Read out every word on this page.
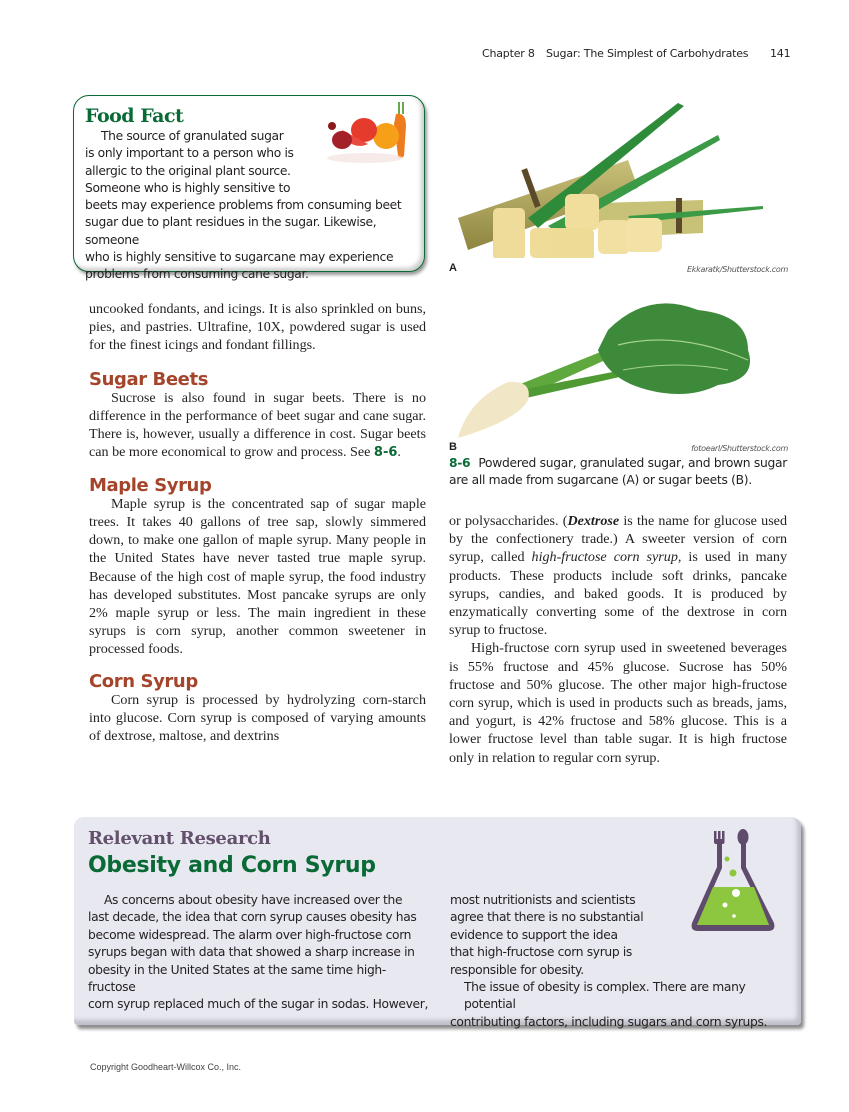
Chapter 8 Sugar: The Simplest of Carbohydrates 141
Food Fact
The source of granulated sugar
is only important to a person who is
allergic to the original plant source.
Someone who is highly sensitive to
beets may experience problems from consuming beet
sugar due to plant residues in the sugar. Likewise, someone
who is highly sensitive to sugarcane may experience
problems from consuming cane sugar.

uncooked fondants, and icings. It is also sprinkled on buns, pies, and pastries. Ultrafine, 10X, powdered sugar is used for the finest icings and fondant fillings.

Sugar Beets

Sucrose is also found in sugar beets. There is no difference in the performance of beet sugar and cane sugar. There is, however, usually a difference in cost. Sugar beets can be more economical to grow and process. See 8-6.

Maple Syrup

Maple syrup is the concentrated sap of sugar maple trees. It takes 40 gallons of tree sap, slowly simmered down, to make one gallon of maple syrup. Many people in the United States have never tasted true maple syrup. Because of the high cost of maple syrup, the food industry has developed substitutes. Most pancake syrups are only 2% maple syrup or less. The main ingredient in these syrups is corn syrup, another common sweetener in processed foods.

Corn Syrup

Corn syrup is processed by hydrolyzing corn-starch into glucose. Corn syrup is composed of varying amounts of dextrose, maltose, and dextrins

A	Ekkaratk/Shutterstock.com
B	fotoearl/Shutterstock.com
8-6 Powdered sugar, granulated sugar, and brown sugar are all made from sugarcane (A) or sugar beets (B).

or polysaccharides. (Dextrose is the name for glucose used by the confectionery trade.) A sweeter version of corn syrup, called high-fructose corn syrup, is used in many products. These products include soft drinks, pancake syrups, candies, and baked goods. It is produced by enzymatically converting some of the dextrose in corn syrup to fructose.

High-fructose corn syrup used in sweetened beverages is 55% fructose and 45% glucose. Sucrose has 50% fructose and 50% glucose. The other major high-fructose corn syrup, which is used in products such as breads, jams, and yogurt, is 42% fructose and 58% glucose. This is a lower fructose level than table sugar. It is high fructose only in relation to regular corn syrup.

Relevant Research
Obesity and Corn Syrup
As concerns about obesity have increased over the
last decade, the idea that corn syrup causes obesity has
become widespread. The alarm over high-fructose corn
syrups began with data that showed a sharp increase in
obesity in the United States at the same time high-fructose
corn syrup replaced much of the sugar in sodas. However,
most nutritionists and scientists
agree that there is no substantial
evidence to support the idea
that high-fructose corn syrup is
responsible for obesity.
The issue of obesity is complex. There are many potential
contributing factors, including sugars and corn syrups.
Copyright Goodheart-Willcox Co., Inc.
